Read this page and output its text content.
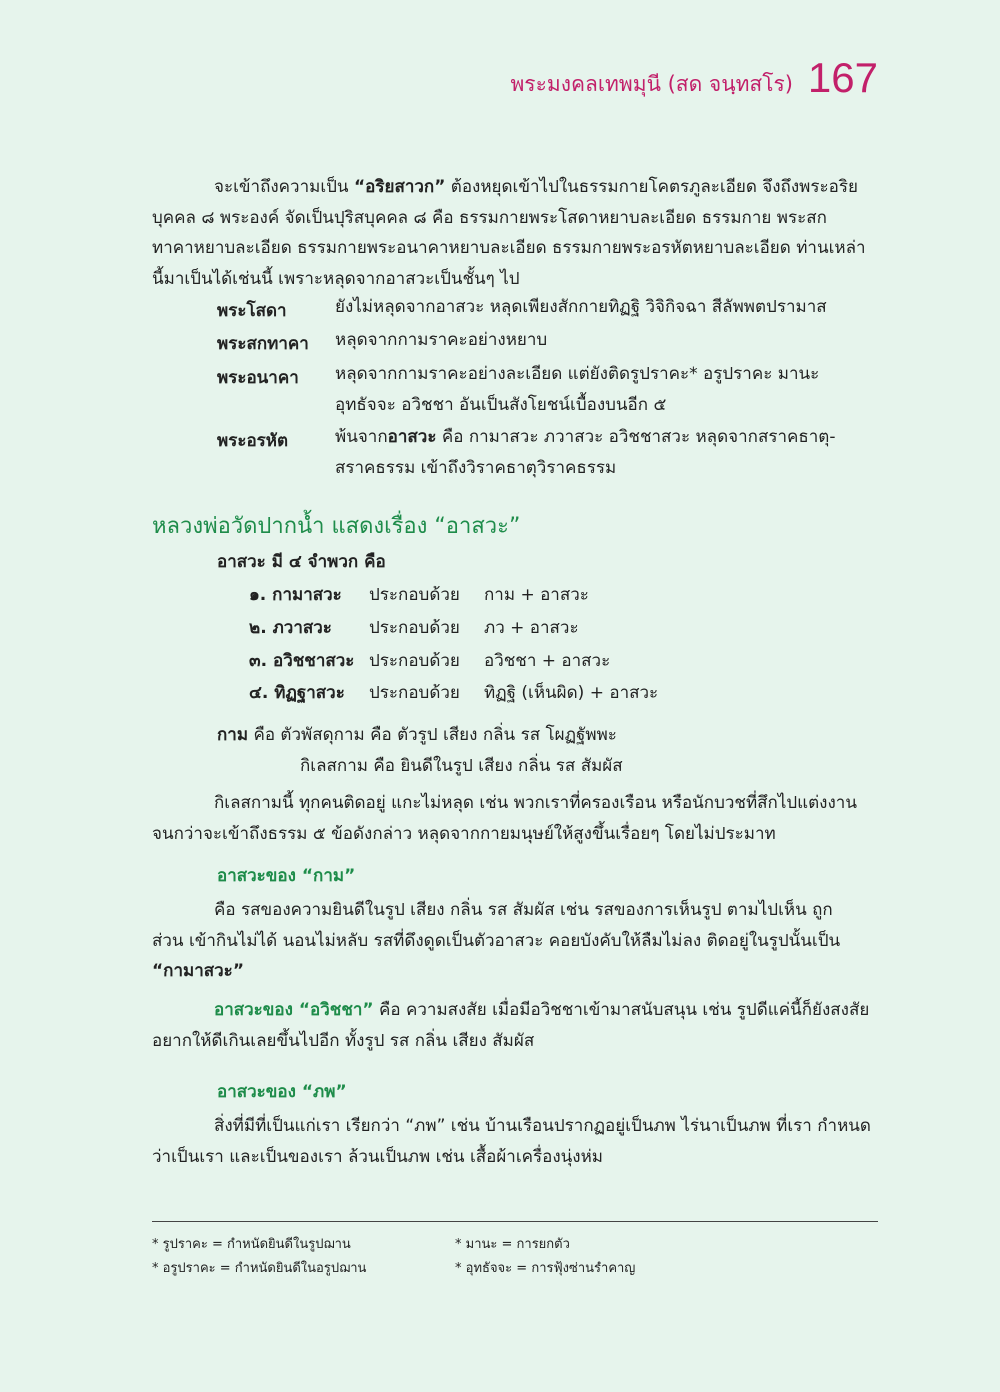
พระมงคลเทพมุนี (สด จนฺทสโร) 167
จะเข้าถึงความเป็น “อริยสาวก” ต้องหยุดเข้าไปในธรรมกายโคตรภูละเอียด จึงถึงพระอริย
บุคคล ๘ พระองค์ จัดเป็นปุริสบุคคล ๘ คือ ธรรมกายพระโสดาหยาบละเอียด ธรรมกาย พระสก
ทาคาหยาบละเอียด ธรรมกายพระอนาคาหยาบละเอียด ธรรมกายพระอรหัตหยาบละเอียด ท่านเหล่า
นี้มาเป็นได้เช่นนี้ เพราะหลุดจากอาสวะเป็นชั้นๆ ไป
พระโสดา	ยังไม่หลุดจากอาสวะ หลุดเพียงสักกายทิฏฐิ วิจิกิจฉา สีลัพพตปรามาส
พระสกทาคา หลุดจากกามราคะอย่างหยาบ
พระอนาคา หลุดจากกามราคะอย่างละเอียด แต่ยังติดรูปราคะ* อรูปราคะ มานะ
อุทธัจจะ อวิชชา อันเป็นสังโยชน์เบื้องบนอีก ๕
พระอรหัต	พ้นจากอาสวะ คือ กามาสวะ ภวาสวะ อวิชชาสวะ หลุดจากสราคธาตุ-
สราคธรรม เข้าถึงวิราคธาตุวิราคธรรม
หลวงพ่อวัดปากน้ำ แสดงเรื่อง “อาสวะ”
อาสวะ มี ๔ จำพวก คือ
๑. กามาสวะ ประกอบด้วย กาม + อาสวะ
๒. ภวาสวะ ประกอบด้วย ภว + อาสวะ
๓. อวิชชาสวะ ประกอบด้วย อวิชชา + อาสวะ
๔. ทิฏฐาสวะ ประกอบด้วย ทิฏฐิ (เห็นผิด) + อาสวะ
กาม คือ ตัวพัสดุกาม คือ ตัวรูป เสียง กลิ่น รส โผฏฐัพพะ
กิเลสกาม คือ ยินดีในรูป เสียง กลิ่น รส สัมผัส
กิเลสกามนี้ ทุกคนติดอยู่ แกะไม่หลุด เช่น พวกเราที่ครองเรือน หรือนักบวชที่สึกไปแต่งงาน
จนกว่าจะเข้าถึงธรรม ๕ ข้อดังกล่าว หลุดจากกายมนุษย์ให้สูงขึ้นเรื่อยๆ โดยไม่ประมาท
อาสวะของ “กาม”
คือ รสของความยินดีในรูป เสียง กลิ่น รส สัมผัส เช่น รสของการเห็นรูป ตามไปเห็น ถูก
ส่วน เข้ากินไม่ได้ นอนไม่หลับ รสที่ดึงดูดเป็นตัวอาสวะ คอยบังคับให้ลืมไม่ลง ติดอยู่ในรูปนั้นเป็น
“กามาสวะ”
อาสวะของ “อวิชชา” คือ ความสงสัย เมื่อมีอวิชชาเข้ามาสนับสนุน เช่น รูปดีแค่นี้ก็ยังสงสัย
อยากให้ดีเกินเลยขึ้นไปอีก ทั้งรูป รส กลิ่น เสียง สัมผัส
อาสวะของ “ภพ”
สิ่งที่มีที่เป็นแก่เรา เรียกว่า “ภพ” เช่น บ้านเรือนปรากฏอยู่เป็นภพ ไร่นาเป็นภพ ที่เรา กำหนด
ว่าเป็นเรา และเป็นของเรา ล้วนเป็นภพ เช่น เสื้อผ้าเครื่องนุ่งห่ม
* รูปราคะ = กำหนัดยินดีในรูปฌาน
* อรูปราคะ = กำหนัดยินดีในอรูปฌาน
* มานะ = การยกตัว
* อุทธัจจะ = การฟุ้งซ่านรำคาญ
